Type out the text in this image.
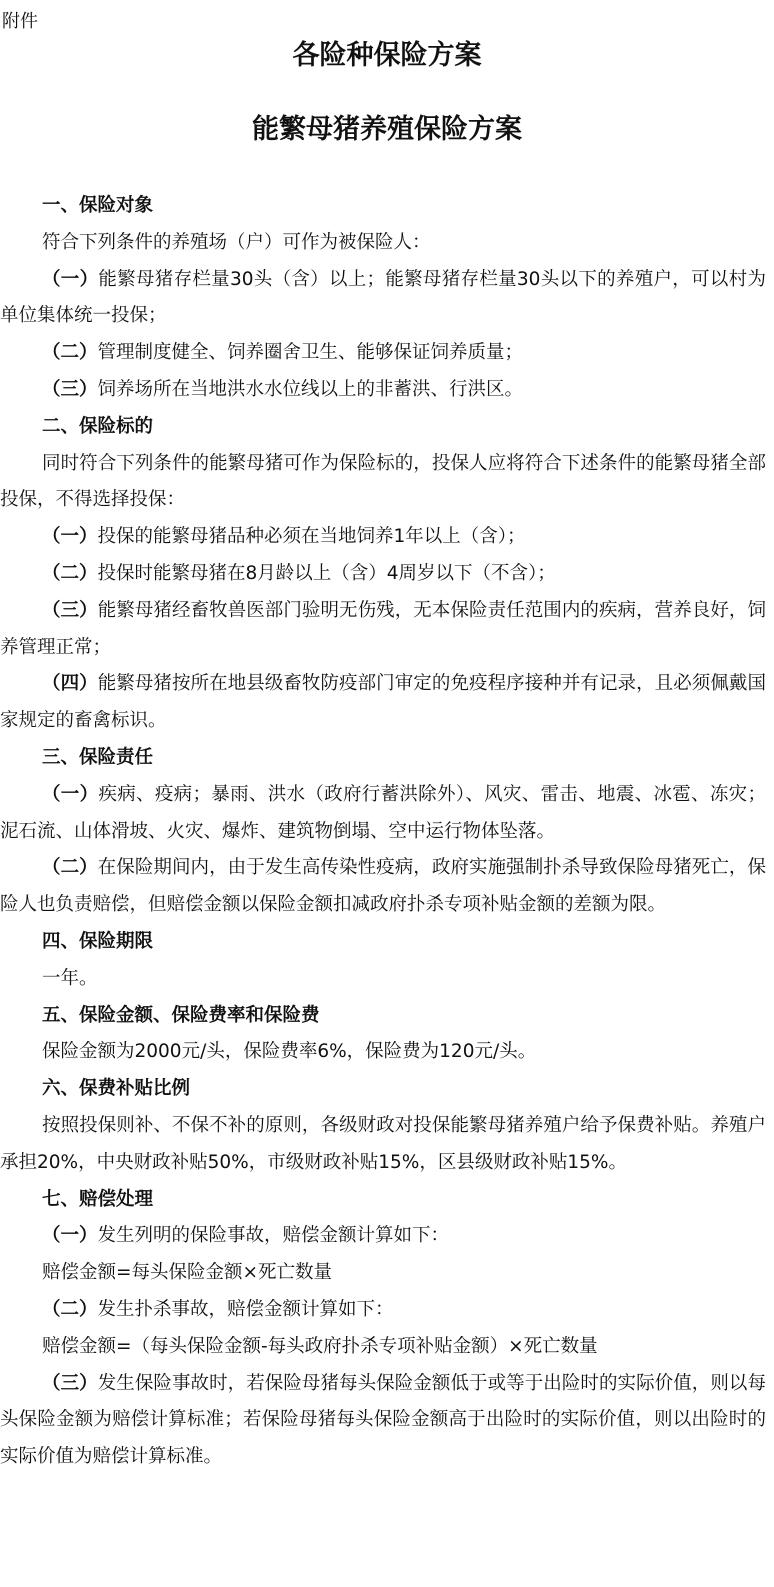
附件
各险种保险方案
能繁母猪养殖保险方案

一、保险对象

符合下列条件的养殖场（户）可作为被保险人：

（一）能繁母猪存栏量30头（含）以上；能繁母猪存栏量30头以下的养殖户，可以村为单位集体统一投保；

（二）管理制度健全、饲养圈舍卫生、能够保证饲养质量；

（三）饲养场所在当地洪水水位线以上的非蓄洪、行洪区。

二、保险标的

同时符合下列条件的能繁母猪可作为保险标的，投保人应将符合下述条件的能繁母猪全部投保，不得选择投保：

（一）投保的能繁母猪品种必须在当地饲养1年以上（含）；

（二）投保时能繁母猪在8月龄以上（含）4周岁以下（不含）；

（三）能繁母猪经畜牧兽医部门验明无伤残，无本保险责任范围内的疾病，营养良好，饲养管理正常；

（四）能繁母猪按所在地县级畜牧防疫部门审定的免疫程序接种并有记录，且必须佩戴国家规定的畜禽标识。

三、保险责任

（一）疾病、疫病；暴雨、洪水（政府行蓄洪除外）、风灾、雷击、地震、冰雹、冻灾；泥石流、山体滑坡、火灾、爆炸、建筑物倒塌、空中运行物体坠落。

（二）在保险期间内，由于发生高传染性疫病，政府实施强制扑杀导致保险母猪死亡，保险人也负责赔偿，但赔偿金额以保险金额扣减政府扑杀专项补贴金额的差额为限。

四、保险期限

一年。

五、保险金额、保险费率和保险费

保险金额为2000元/头，保险费率6%，保险费为120元/头。

六、保费补贴比例

按照投保则补、不保不补的原则，各级财政对投保能繁母猪养殖户给予保费补贴。养殖户承担20%，中央财政补贴50%，市级财政补贴15%，区县级财政补贴15%。

七、赔偿处理

（一）发生列明的保险事故，赔偿金额计算如下：

赔偿金额=每头保险金额×死亡数量

（二）发生扑杀事故，赔偿金额计算如下：

赔偿金额=（每头保险金额-每头政府扑杀专项补贴金额）×死亡数量

（三）发生保险事故时，若保险母猪每头保险金额低于或等于出险时的实际价值，则以每头保险金额为赔偿计算标准；若保险母猪每头保险金额高于出险时的实际价值，则以出险时的实际价值为赔偿计算标准。
